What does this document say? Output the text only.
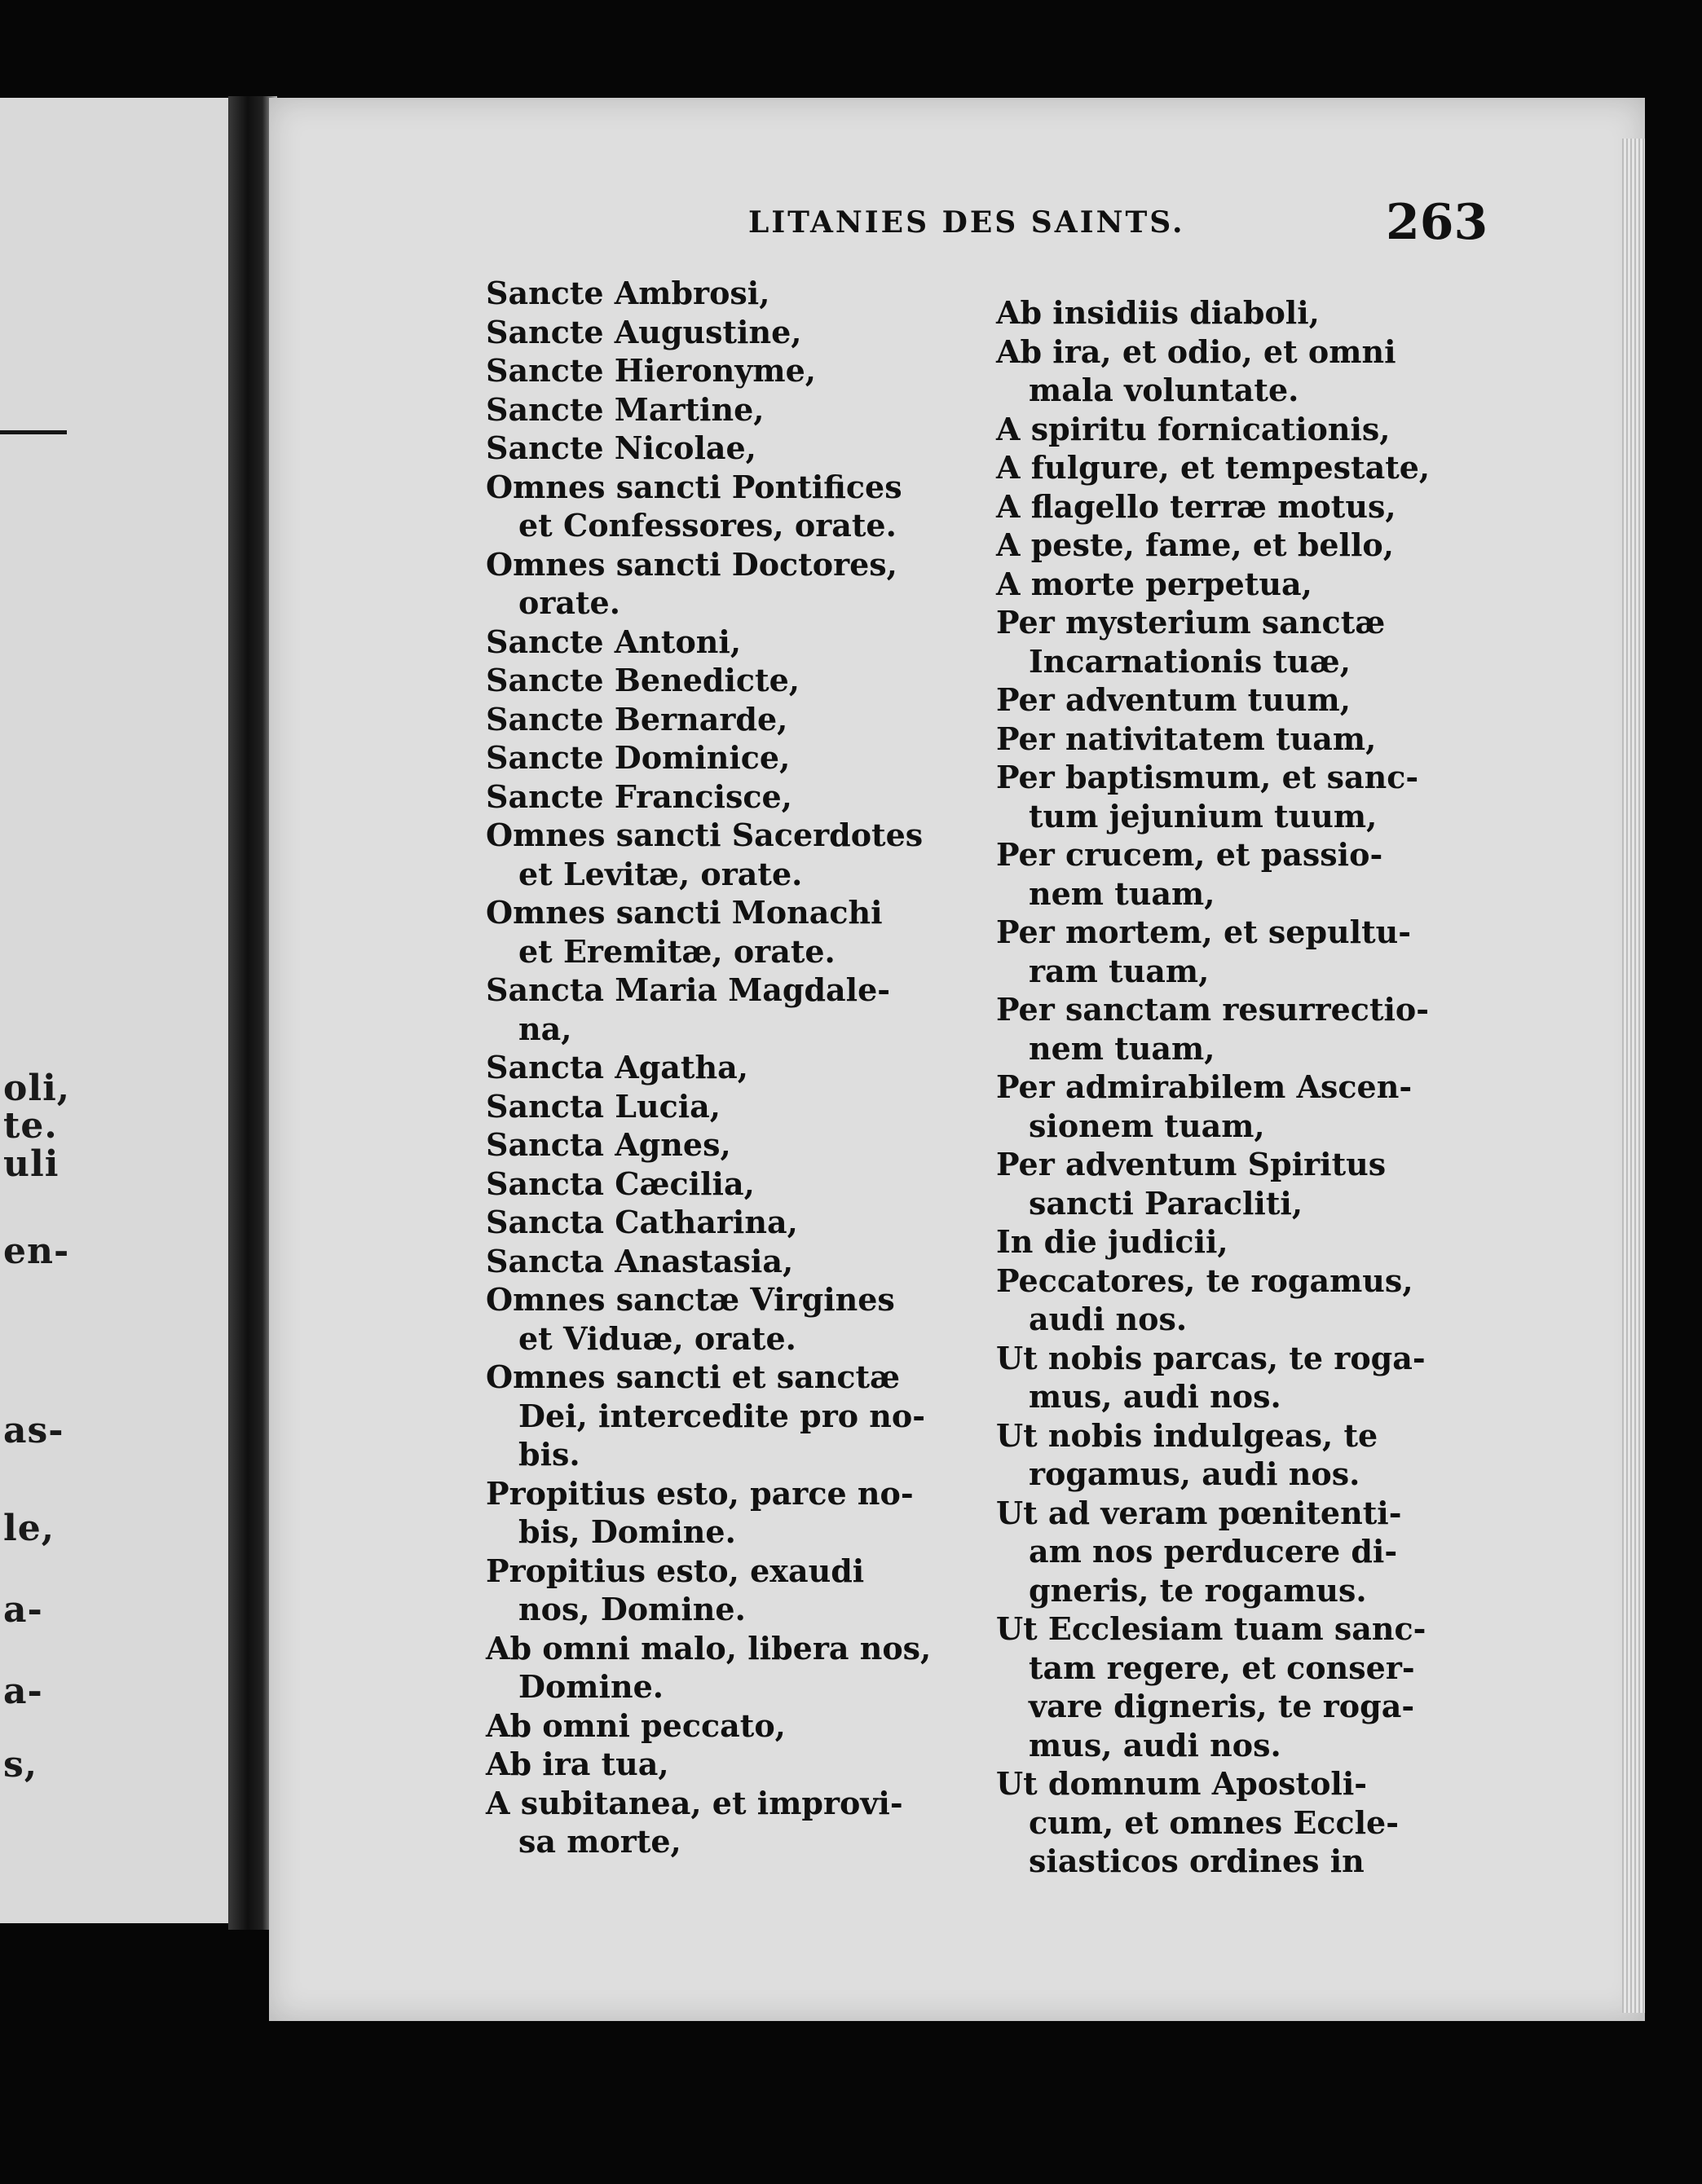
oli,
te.
uli
en-
as-
le,
a-
a-
s,
LITANIES DES SAINTS.	263
Sancte Ambrosi,
Sancte Augustine,
Sancte Hieronyme,
Sancte Martine,
Sancte Nicolae,
Omnes sancti Pontifices
et Confessores, orate.
Omnes sancti Doctores,
orate.
Sancte Antoni,
Sancte Benedicte,
Sancte Bernarde,
Sancte Dominice,
Sancte Francisce,
Omnes sancti Sacerdotes
et Levitæ, orate.
Omnes sancti Monachi
et Eremitæ, orate.
Sancta Maria Magdale-
na,
Sancta Agatha,
Sancta Lucia,
Sancta Agnes,
Sancta Cæcilia,
Sancta Catharina,
Sancta Anastasia,
Omnes sanctæ Virgines
et Viduæ, orate.
Omnes sancti et sanctæ
Dei, intercedite pro no-
bis.
Propitius esto, parce no-
bis, Domine.
Propitius esto, exaudi
nos, Domine.
Ab omni malo, libera nos,
Domine.
Ab omni peccato,
Ab ira tua,
A subitanea, et improvi-
sa morte,
Ab insidiis diaboli,
Ab ira, et odio, et omni
mala voluntate.
A spiritu fornicationis,
A fulgure, et tempestate,
A flagello terræ motus,
A peste, fame, et bello,
A morte perpetua,
Per mysterium sanctæ
Incarnationis tuæ,
Per adventum tuum,
Per nativitatem tuam,
Per baptismum, et sanc-
tum jejunium tuum,
Per crucem, et passio-
nem tuam,
Per mortem, et sepultu-
ram tuam,
Per sanctam resurrectio-
nem tuam,
Per admirabilem Ascen-
sionem tuam,
Per adventum Spiritus
sancti Paracliti,
In die judicii,
Peccatores, te rogamus,
audi nos.
Ut nobis parcas, te roga-
mus, audi nos.
Ut nobis indulgeas, te
rogamus, audi nos.
Ut ad veram pœnitenti-
am nos perducere di-
gneris, te rogamus.
Ut Ecclesiam tuam sanc-
tam regere, et conser-
vare digneris, te roga-
mus, audi nos.
Ut domnum Apostoli-
cum, et omnes Eccle-
siasticos ordines in
